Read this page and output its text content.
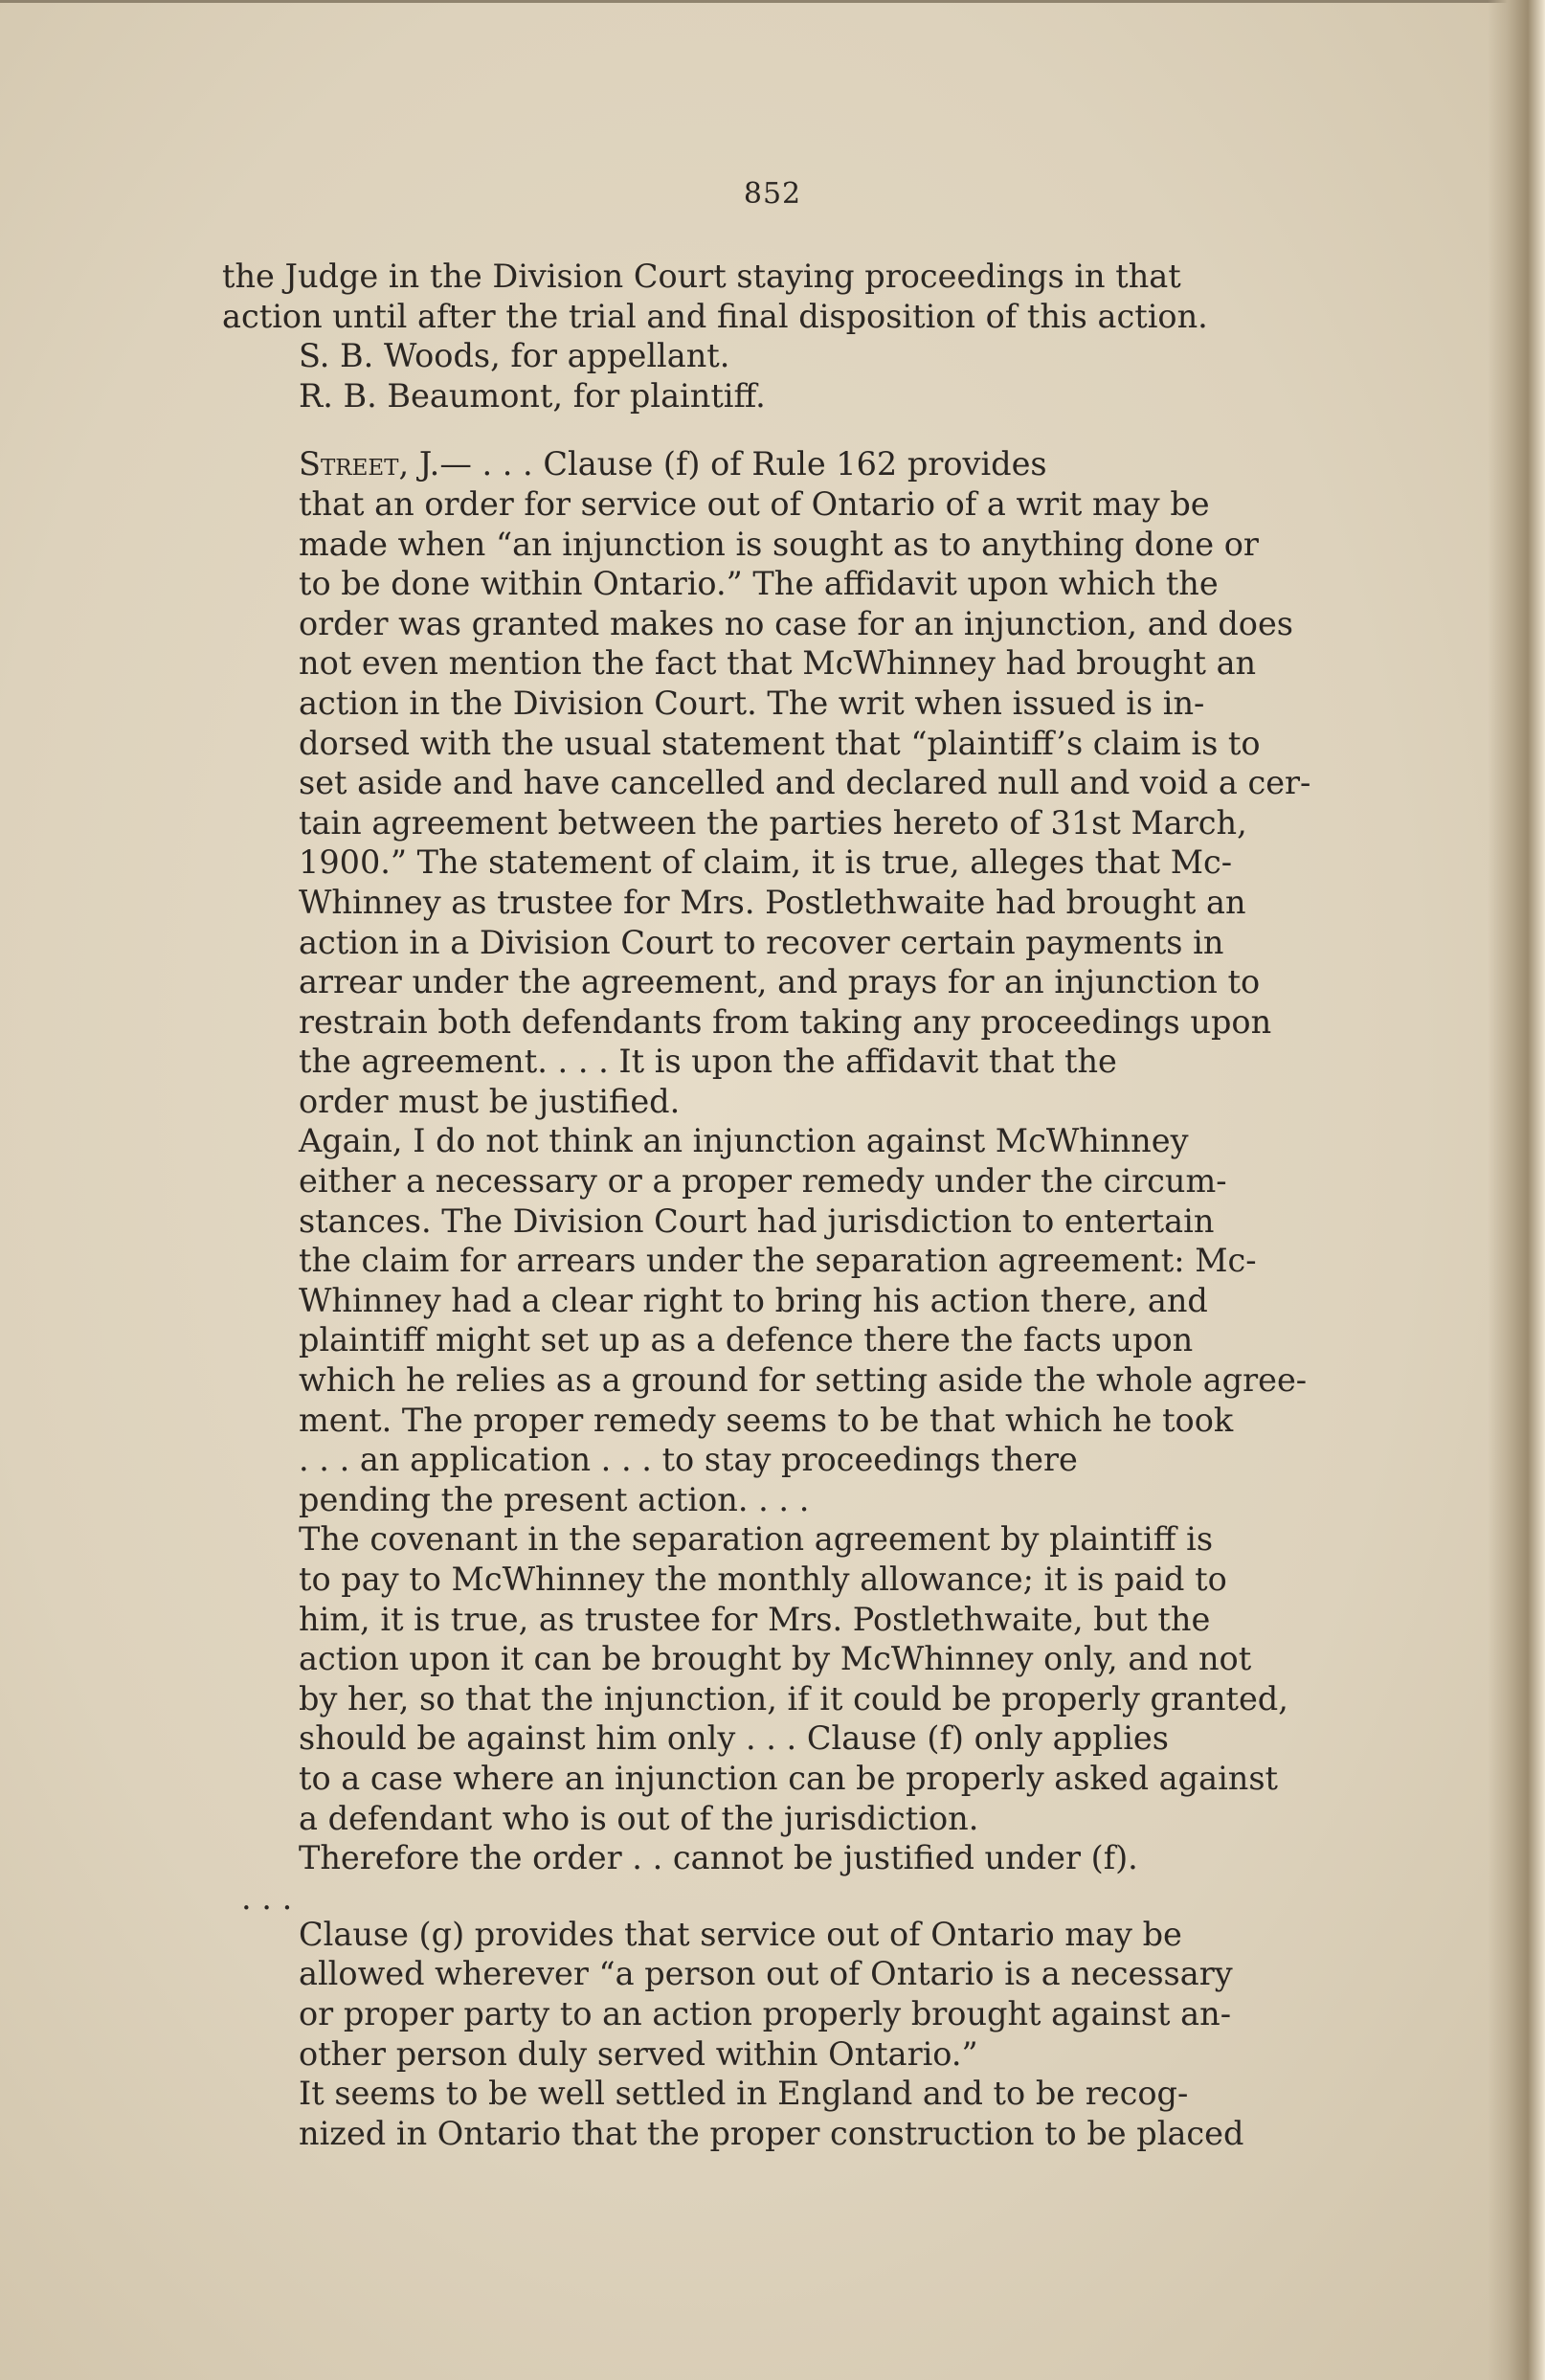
852
the Judge in the Division Court staying proceedings in that
action until after the trial and final disposition of this action.
S. B. Woods, for appellant.
R. B. Beaumont, for plaintiff.
Street, J.— . . . Clause (f) of Rule 162 provides
that an order for service out of Ontario of a writ may be
made when “an injunction is sought as to anything done or
to be done within Ontario.” The affidavit upon which the
order was granted makes no case for an injunction, and does
not even mention the fact that McWhinney had brought an
action in the Division Court. The writ when issued is in-
dorsed with the usual statement that “plaintiff’s claim is to
set aside and have cancelled and declared null and void a cer-
tain agreement between the parties hereto of 31st March,
1900.” The statement of claim, it is true, alleges that Mc-
Whinney as trustee for Mrs. Postlethwaite had brought an
action in a Division Court to recover certain payments in
arrear under the agreement, and prays for an injunction to
restrain both defendants from taking any proceedings upon
the agreement. . . . It is upon the affidavit that the
order must be justified.
Again, I do not think an injunction against McWhinney
either a necessary or a proper remedy under the circum-
stances. The Division Court had jurisdiction to entertain
the claim for arrears under the separation agreement: Mc-
Whinney had a clear right to bring his action there, and
plaintiff might set up as a defence there the facts upon
which he relies as a ground for setting aside the whole agree-
ment. The proper remedy seems to be that which he took
. . . an application . . . to stay proceedings there
pending the present action. . . .
The covenant in the separation agreement by plaintiff is
to pay to McWhinney the monthly allowance; it is paid to
him, it is true, as trustee for Mrs. Postlethwaite, but the
action upon it can be brought by McWhinney only, and not
by her, so that the injunction, if it could be properly granted,
should be against him only . . . Clause (f) only applies
to a case where an injunction can be properly asked against
a defendant who is out of the jurisdiction.
Therefore the order . . cannot be justified under (f).
. . .
Clause (g) provides that service out of Ontario may be
allowed wherever “a person out of Ontario is a necessary
or proper party to an action properly brought against an-
other person duly served within Ontario.”
It seems to be well settled in England and to be recog-
nized in Ontario that the proper construction to be placed
